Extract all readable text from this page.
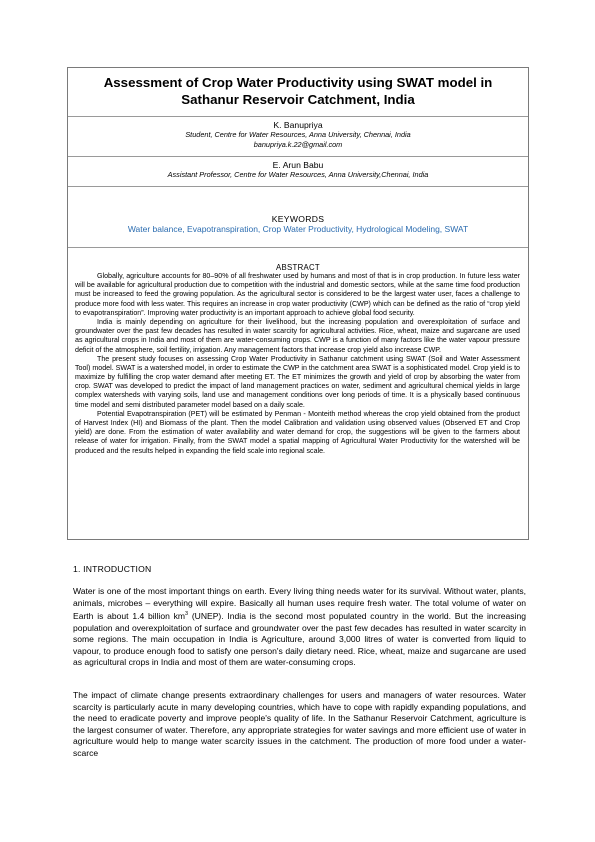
Assessment of Crop Water Productivity using SWAT model in
Sathanur Reservoir Catchment, India
K. Banupriya
Student, Centre for Water Resources, Anna University, Chennai, India
banupriya.k.22@gmail.com
E. Arun Babu
Assistant Professor, Centre for Water Resources, Anna University,Chennai, India
KEYWORDS
Water balance, Evapotranspiration, Crop Water Productivity, Hydrological Modeling, SWAT
ABSTRACT

Globally, agriculture accounts for 80–90% of all freshwater used by humans and most of that is in crop production. In future less water will be available for agricultural production due to competition with the industrial and domestic sectors, while at the same time food production must be increased to feed the growing population. As the agricultural sector is considered to be the largest water user, faces a challenge to produce more food with less water. This requires an increase in crop water productivity (CWP) which can be defined as the ratio of “crop yield to evapotranspiration”. Improving water productivity is an important approach to achieve global food security.

India is mainly depending on agriculture for their livelihood, but the increasing population and overexploitation of surface and groundwater over the past few decades has resulted in water scarcity for agricultural activities. Rice, wheat, maize and sugarcane are used as agricultural crops in India and most of them are water-consuming crops. CWP is a function of many factors like the water vapour pressure deficit of the atmosphere, soil fertility, irrigation. Any management factors that increase crop yield also increase CWP.

The present study focuses on assessing Crop Water Productivity in Sathanur catchment using SWAT (Soil and Water Assessment Tool) model. SWAT is a watershed model, in order to estimate the CWP in the catchment area SWAT is a sophisticated model. Crop yield is to maximize by fulfilling the crop water demand after meeting ET. The ET minimizes the growth and yield of crop by absorbing the water from crop. SWAT was developed to predict the impact of land management practices on water, sediment and agricultural chemical yields in large complex watersheds with varying soils, land use and management conditions over long periods of time. It is a physically based continuous time model and semi distributed parameter model based on a daily scale.

Potential Evapotranspiration (PET) will be estimated by Penman - Monteith method whereas the crop yield obtained from the product of Harvest Index (HI) and Biomass of the plant. Then the model Calibration and validation using observed values (Observed ET and Crop yield) are done. From the estimation of water availability and water demand for crop, the suggestions will be given to the farmers about release of water for irrigation. Finally, from the SWAT model a spatial mapping of Agricultural Water Productivity for the watershed will be produced and the results helped in expanding the field scale into regional scale.

1. INTRODUCTION

Water is one of the most important things on earth. Every living thing needs water for its survival. Without water, plants, animals, microbes – everything will expire. Basically all human uses require fresh water. The total volume of water on Earth is about 1.4 billion $km^3$ (UNEP). India is the second most populated country in the world. But the increasing population and overexploitation of surface and groundwater over the past few decades has resulted in water scarcity in some regions. The main occupation in India is Agriculture, around 3,000 litres of water is converted from liquid to vapour, to produce enough food to satisfy one person's daily dietary need. Rice, wheat, maize and sugarcane are used as agricultural crops in India and most of them are water-consuming crops.

The impact of climate change presents extraordinary challenges for users and managers of water resources. Water scarcity is particularly acute in many developing countries, which have to cope with rapidly expanding populations, and the need to eradicate poverty and improve people's quality of life. In the Sathanur Reservoir Catchment, agriculture is the largest consumer of water. Therefore, any appropriate strategies for water savings and more efficient use of water in agriculture would help to mange water scarcity issues in the catchment. The production of more food under a water-scarce
